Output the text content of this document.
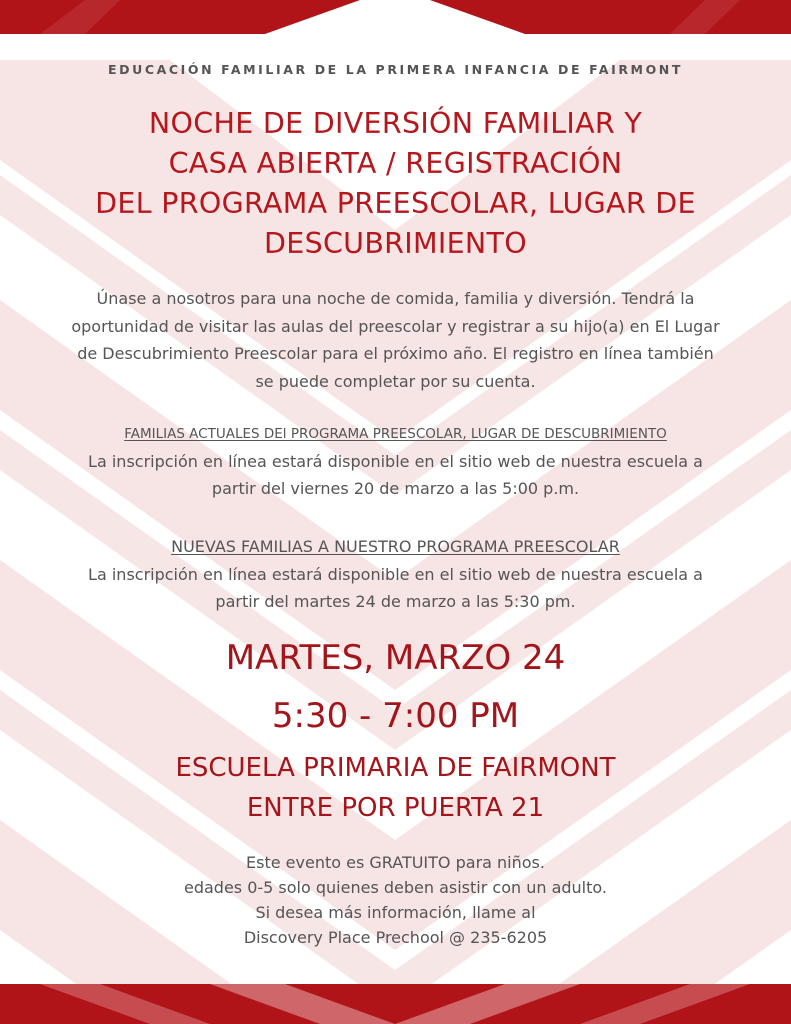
EDUCACIÓN FAMILIAR DE LA PRIMERA INFANCIA DE FAIRMONT
NOCHE DE DIVERSIÓN FAMILIAR Y
CASA ABIERTA / REGISTRACIÓN
DEL PROGRAMA PREESCOLAR, LUGAR DE
DESCUBRIMIENTO
Únase a nosotros para una noche de comida, familia y diversión. Tendrá la
oportunidad de visitar las aulas del preescolar y registrar a su hijo(a) en El Lugar
de Descubrimiento Preescolar para el próximo año. El registro en línea también
se puede completar por su cuenta.
FAMILIAS ACTUALES DEl PROGRAMA PREESCOLAR, LUGAR DE DESCUBRIMIENTO
La inscripción en línea estará disponible en el sitio web de nuestra escuela a
partir del viernes 20 de marzo a las 5:00 p.m.
NUEVAS FAMILIAS A NUESTRO PROGRAMA PREESCOLAR
La inscripción en línea estará disponible en el sitio web de nuestra escuela a
partir del martes 24 de marzo a las 5:30 pm.
MARTES, MARZO 24
5:30 - 7:00 PM
ESCUELA PRIMARIA DE FAIRMONT
ENTRE POR PUERTA 21
Este evento es GRATUITO para niños.
edades 0-5 solo quienes deben asistir con un adulto.
Si desea más información, llame al
Discovery Place Prechool @ 235-6205
